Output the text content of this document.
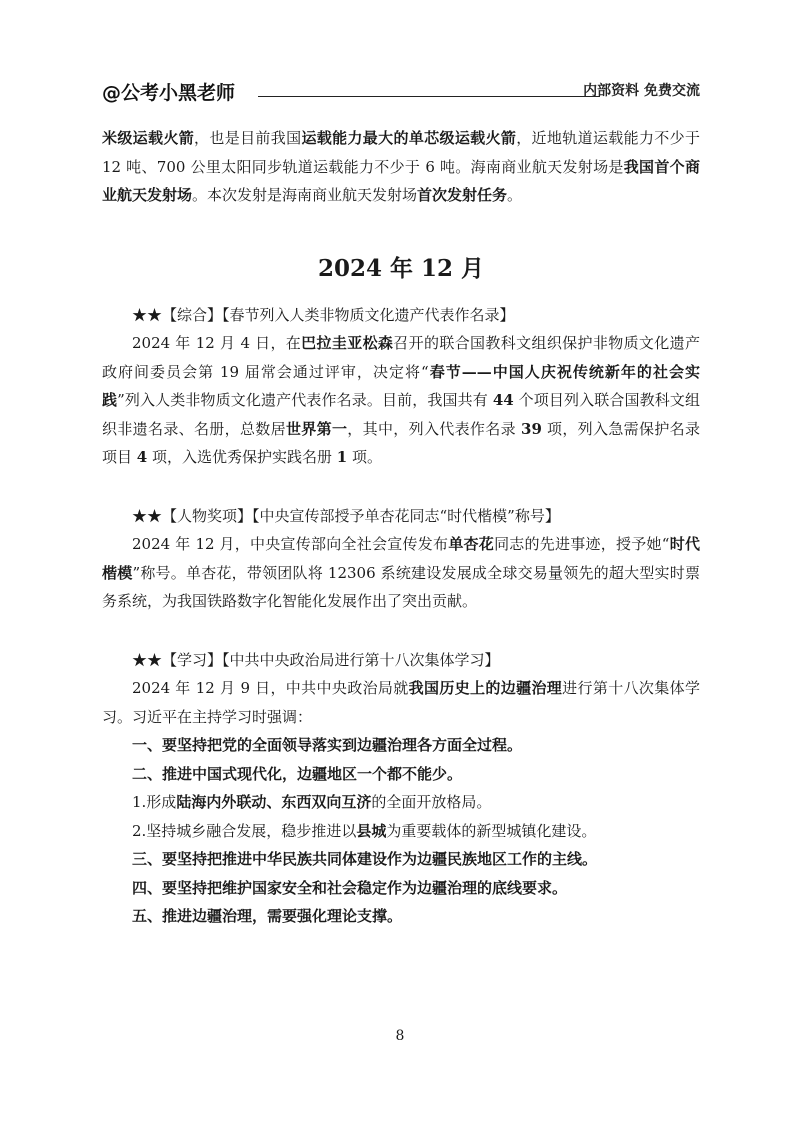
@公考小黑老师	内部资料 免费交流

米级运载火箭，也是目前我国运载能力最大的单芯级运载火箭，近地轨道运载能力不少于 12 吨、700 公里太阳同步轨道运载能力不少于 6 吨。海南商业航天发射场是我国首个商业航天发射场。本次发射是海南商业航天发射场首次发射任务。

2024 年 12 月

★★【综合】【春节列入人类非物质文化遗产代表作名录】

2024 年 12 月 4 日，在巴拉圭亚松森召开的联合国教科文组织保护非物质文化遗产政府间委员会第 19 届常会通过评审，决定将“春节——中国人庆祝传统新年的社会实践”列入人类非物质文化遗产代表作名录。目前，我国共有 44 个项目列入联合国教科文组织非遗名录、名册，总数居世界第一，其中，列入代表作名录 39 项，列入急需保护名录项目 4 项，入选优秀保护实践名册 1 项。

★★【人物奖项】【中央宣传部授予单杏花同志“时代楷模”称号】

2024 年 12 月，中央宣传部向全社会宣传发布单杏花同志的先进事迹，授予她“时代楷模”称号。单杏花，带领团队将 12306 系统建设发展成全球交易量领先的超大型实时票务系统，为我国铁路数字化智能化发展作出了突出贡献。

★★【学习】【中共中央政治局进行第十八次集体学习】

2024 年 12 月 9 日，中共中央政治局就我国历史上的边疆治理进行第十八次集体学习。习近平在主持学习时强调：

一、要坚持把党的全面领导落实到边疆治理各方面全过程。

二、推进中国式现代化，边疆地区一个都不能少。

1.形成陆海内外联动、东西双向互济的全面开放格局。

2.坚持城乡融合发展，稳步推进以县城为重要载体的新型城镇化建设。

三、要坚持把推进中华民族共同体建设作为边疆民族地区工作的主线。

四、要坚持把维护国家安全和社会稳定作为边疆治理的底线要求。

五、推进边疆治理，需要强化理论支撑。

8
